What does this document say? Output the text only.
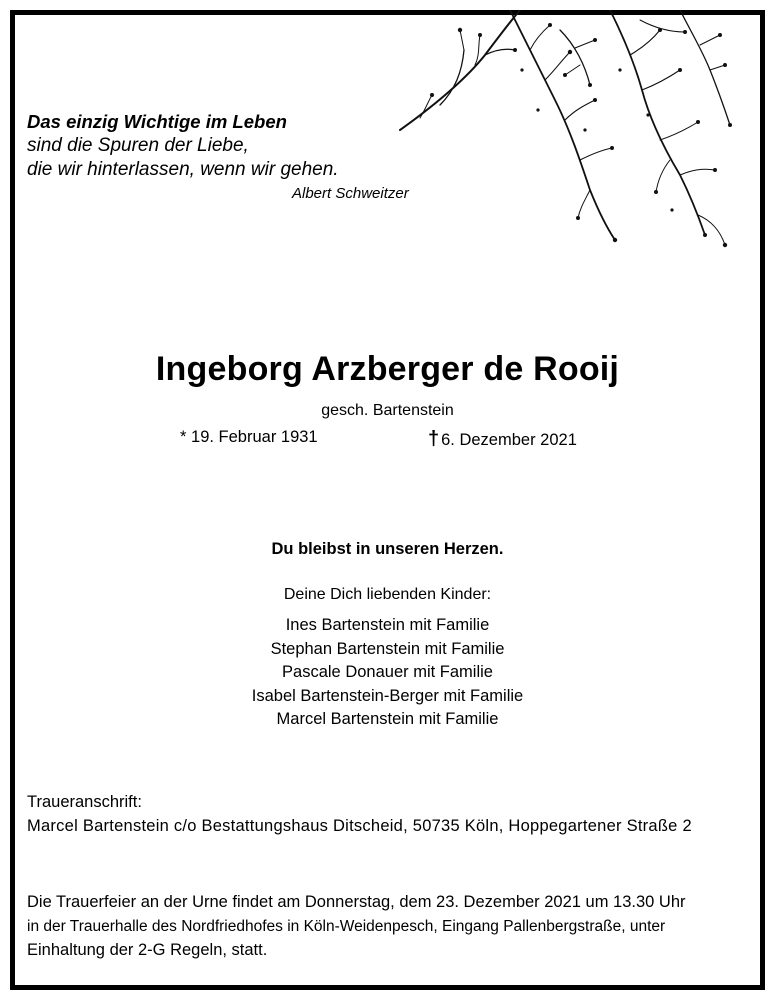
Das einzig Wichtige im Leben
sind die Spuren der Liebe,
die wir hinterlassen, wenn wir gehen.
Albert Schweitzer
Ingeborg Arzberger de Rooij
gesch. Bartenstein
* 19. Februar 1931	† 6. Dezember 2021
Du bleibst in unseren Herzen.
Deine Dich liebenden Kinder:
Ines Bartenstein mit Familie
Stephan Bartenstein mit Familie
Pascale Donauer mit Familie
Isabel Bartenstein-Berger mit Familie
Marcel Bartenstein mit Familie
Traueranschrift:
Marcel Bartenstein c/o Bestattungshaus Ditscheid, 50735 Köln, Hoppegartener Straße 2
Die Trauerfeier an der Urne findet am Donnerstag, dem 23. Dezember 2021 um 13.30 Uhr
in der Trauerhalle des Nordfriedhofes in Köln-Weidenpesch, Eingang Pallenbergstraße, unter
Einhaltung der 2-G Regeln, statt.
